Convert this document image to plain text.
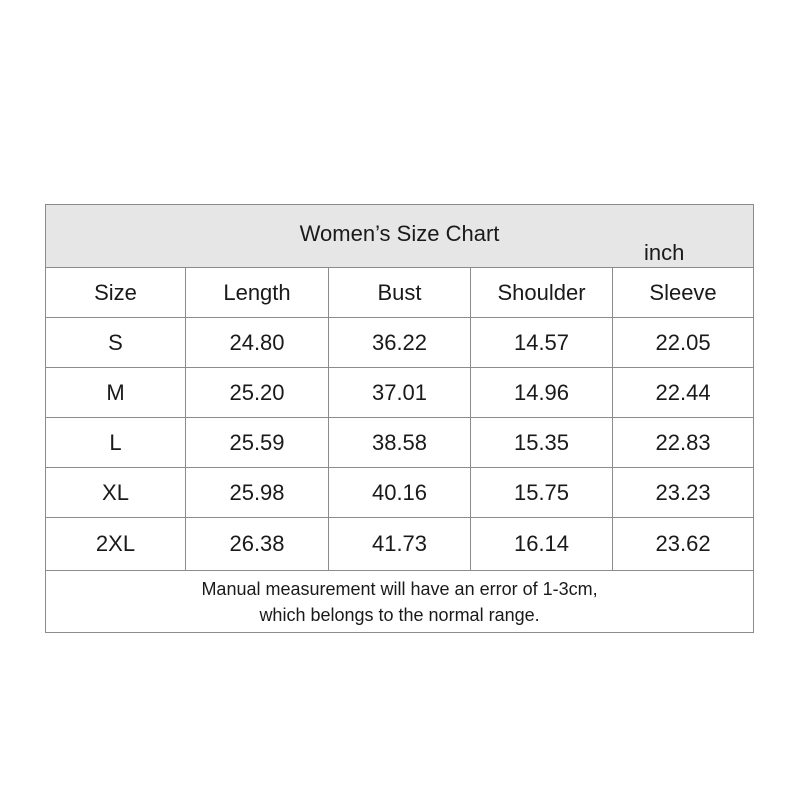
Women’s Size Chart
inch				

Size	Length	Bust	Shoulder	Sleeve
S	24.80	36.22	14.57	22.05
M	25.20	37.01	14.96	22.44
L	25.59	38.58	15.35	22.83
XL	25.98	40.16	15.75	23.23
2XL	26.38	41.73	16.14	23.62

Manual measurement will have an error of 1-3cm,
which belongs to the normal range.				
